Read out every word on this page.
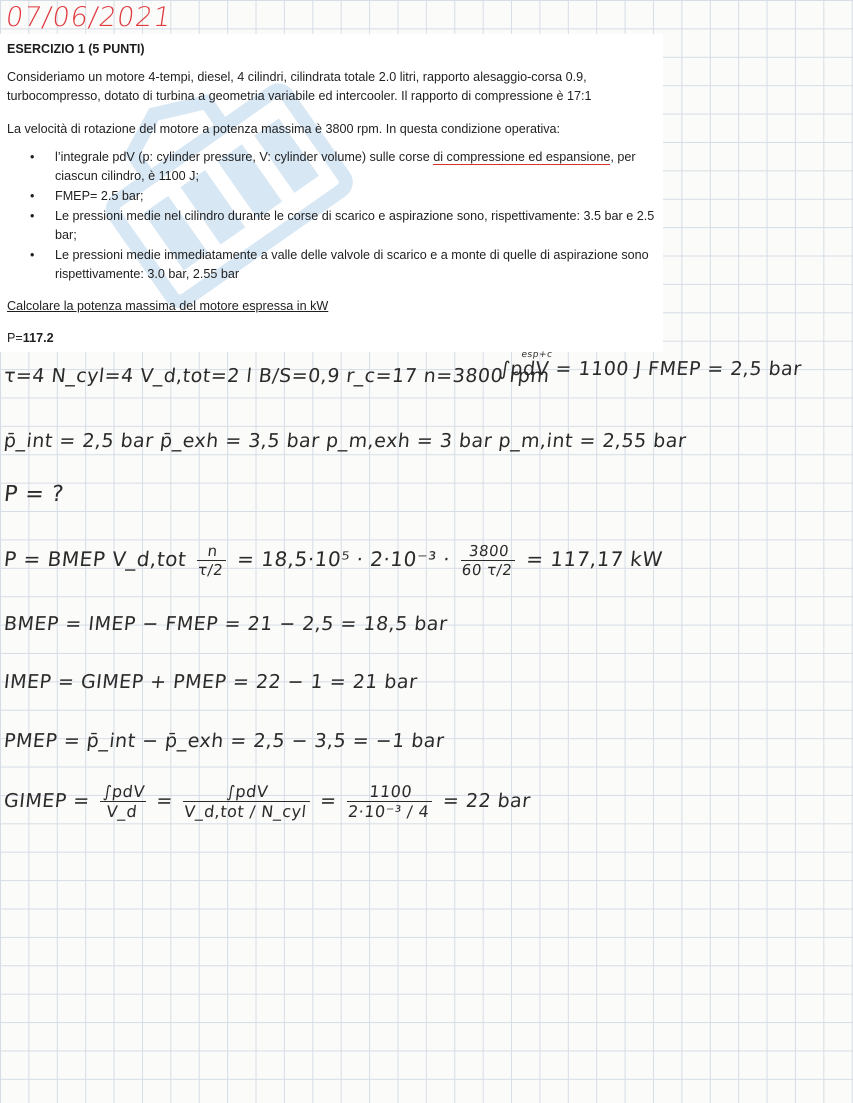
07/06/2021
ESERCIZIO 1 (5 PUNTI)
Consideriamo un motore 4-tempi, diesel, 4 cilindri, cilindrata totale 2.0 litri, rapporto alesaggio-corsa 0.9, turbocompresso, dotato di turbina a geometria variabile ed intercooler. Il rapporto di compressione è 17:1
La velocità di rotazione del motore a potenza massima è 3800 rpm. In questa condizione operativa:
• l’integrale pdV (p: cylinder pressure, V: cylinder volume) sulle corse di compressione ed espansione, per ciascun cilindro, è 1100 J;
• FMEP= 2.5 bar;
• Le pressioni medie nel cilindro durante le corse di scarico e aspirazione sono, rispettivamente: 3.5 bar e 2.5 bar;
• Le pressioni medie immediatamente a valle delle valvole di scarico e a monte di quelle di aspirazione sono rispettivamente: 3.0 bar, 2.55 bar
Calcolare la potenza massima del motore espressa in kW
P=117.2
τ=4 N_cyl=4 V_d,tot=2 l B/S=0,9 r_c=17 n=3800 rpm
esp+c
∫pdV = 1100 J FMEP = 2,5 bar
p̄_int = 2,5 bar p̄_exh = 3,5 bar p_m,exh = 3 bar p_m,int = 2,55 bar
P = ?
P = BMEP V_d,tot $\frac{n}{\tau/2} = 18,5\cdot 10^5 \cdot 2\cdot 10^{-3} \cdot \frac{3800}{60 \tau/2} = 117,17$ kW
BMEP = IMEP − FMEP = 21 − 2,5 = 18,5 bar
IMEP = GIMEP + PMEP = 22 − 1 = 21 bar
PMEP = p̄_int − p̄_exh = 2,5 − 3,5 = −1 bar
GIMEP = $\frac{\text{∫pdV}}{V\_d} = \frac{\text{∫pdV}}{\text{V\_d,tot / N\_cyl}} = \frac{1100}{\text{2·10⁻³ / 4}} = 22$ bar
